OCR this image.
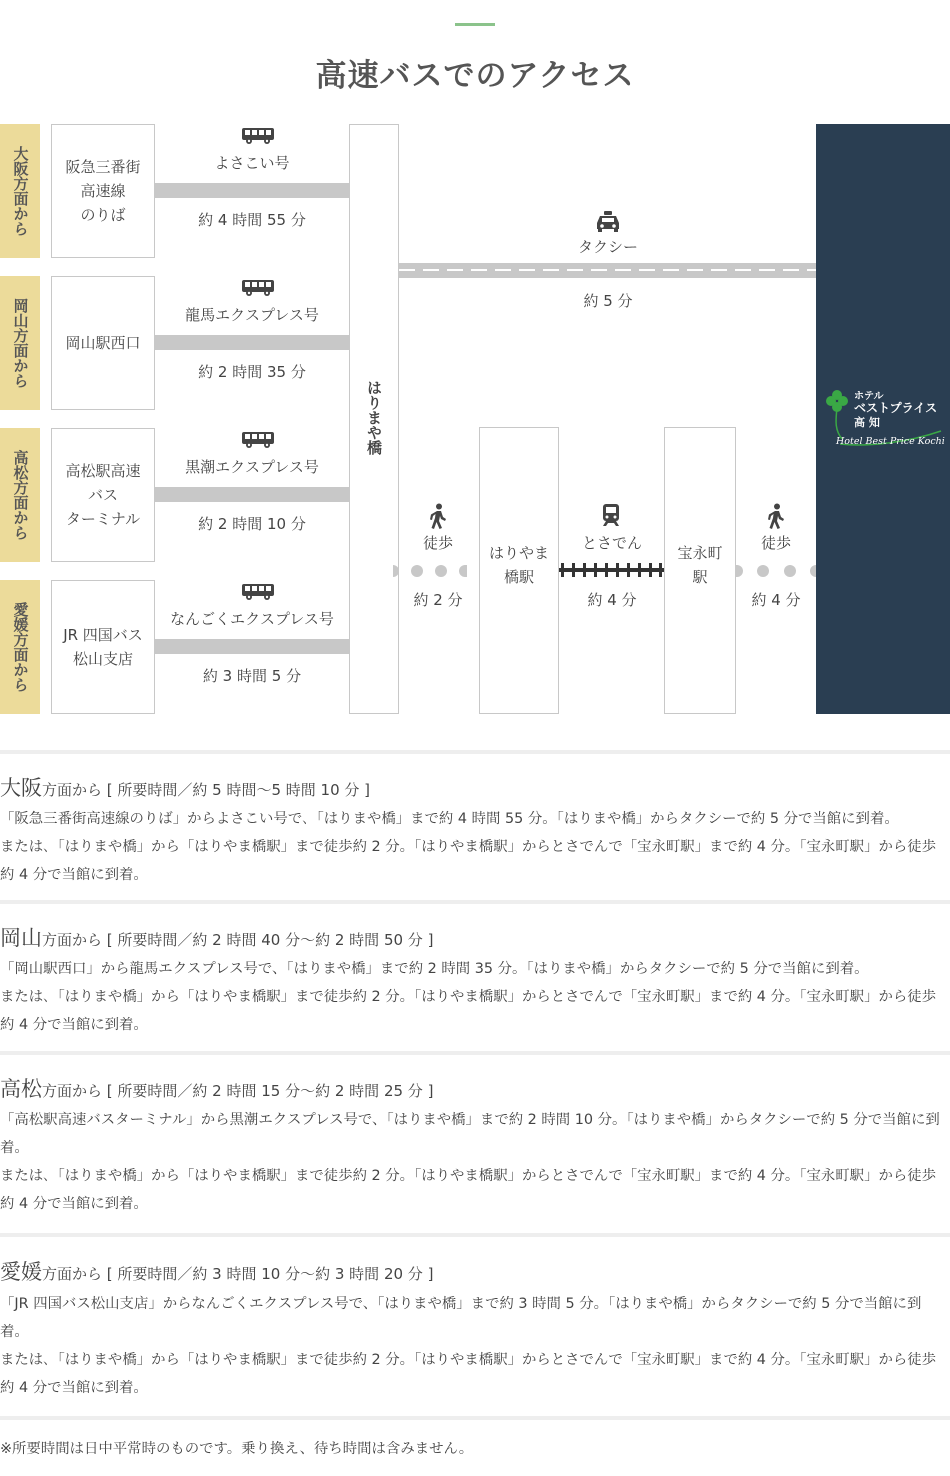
高速バスでのアクセス
大阪方面から	阪急三番街
高速線
のりば
よさこい号
約 4 時間 55 分
岡山方面から	岡山駅西口
龍馬エクスプレス号
約 2 時間 35 分
高松方面から	高松駅高速
バス
ターミナル
黒潮エクスプレス号
約 2 時間 10 分
愛媛方面から	JR 四国バス
松山支店
なんごくエクスプレス号
約 3 時間 5 分
はりまや橋
タクシー
約 5 分
徒歩
約 2 分
はりやま
橋駅
とさでん
約 4 分
宝永町
駅
徒歩
約 4 分
ホテル
ベストプライス
高 知
Hotel Best Price Kochi
大阪方面から [ 所要時間／約 5 時間〜5 時間 10 分 ]

「阪急三番街高速線のりば」からよさこい号で､「はりまや橋」まで約 4 時間 55 分。「はりまや橋」からタクシーで約 5 分で当館に到着。

または､「はりまや橋」から「はりやま橋駅」まで徒歩約 2 分。「はりやま橋駅」からとさでんで「宝永町駅」まで約 4 分。「宝永町駅」から徒歩約 4 分で当館に到着。

岡山方面から [ 所要時間／約 2 時間 40 分〜約 2 時間 50 分 ]

「岡山駅西口」から龍馬エクスプレス号で、「はりまや橋」まで約 2 時間 35 分。「はりまや橋」からタクシーで約 5 分で当館に到着。

または､「はりまや橋」から「はりやま橋駅」まで徒歩約 2 分。「はりやま橋駅」からとさでんで「宝永町駅」まで約 4 分。「宝永町駅」から徒歩約 4 分で当館に到着。

高松方面から [ 所要時間／約 2 時間 15 分〜約 2 時間 25 分 ]

「高松駅高速バスターミナル」から黒潮エクスプレス号で、「はりまや橋」まで約 2 時間 10 分。「はりまや橋」からタクシーで約 5 分で当館に到着。

または､「はりまや橋」から「はりやま橋駅」まで徒歩約 2 分。「はりやま橋駅」からとさでんで「宝永町駅」まで約 4 分。「宝永町駅」から徒歩約 4 分で当館に到着。

愛媛方面から [ 所要時間／約 3 時間 10 分〜約 3 時間 20 分 ]

「JR 四国バス松山支店」からなんごくエクスプレス号で、「はりまや橋」まで約 3 時間 5 分。「はりまや橋」からタクシーで約 5 分で当館に到着。

または､「はりまや橋」から「はりやま橋駅」まで徒歩約 2 分。「はりやま橋駅」からとさでんで「宝永町駅」まで約 4 分。「宝永町駅」から徒歩約 4 分で当館に到着。

※所要時間は日中平常時のものです。乗り換え、待ち時間は含みません。
